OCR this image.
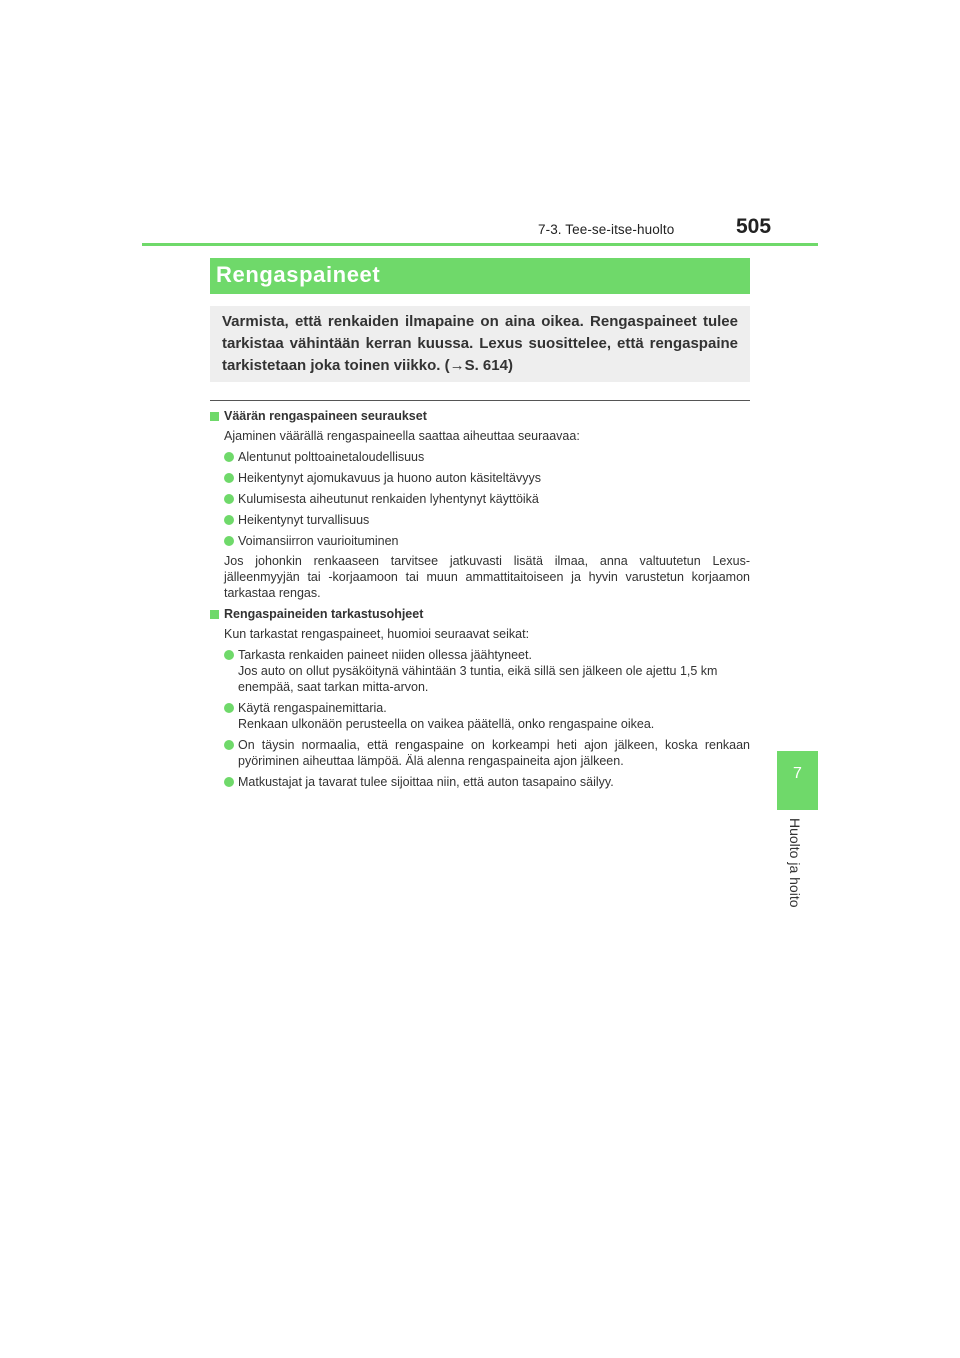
7-3. Tee-se-itse-huolto	505
7
Huolto ja hoito
Rengaspaineet
Varmista, että renkaiden ilmapaine on aina oikea. Rengaspaineet tulee tarkistaa vähintään kerran kuussa. Lexus suosittelee, että rengaspaine tarkistetaan joka toinen viikko. (→S. 614)
Väärän rengaspaineen seuraukset
Ajaminen väärällä rengaspaineella saattaa aiheuttaa seuraavaa:
Alentunut polttoainetaloudellisuus
Heikentynyt ajomukavuus ja huono auton käsiteltävyys
Kulumisesta aiheutunut renkaiden lyhentynyt käyttöikä
Heikentynyt turvallisuus
Voimansiirron vaurioituminen
Jos johonkin renkaaseen tarvitsee jatkuvasti lisätä ilmaa, anna valtuutetun Lexus-jälleenmyyjän tai -korjaamoon tai muun ammattitaitoiseen ja hyvin varustetun korjaamon tarkastaa rengas.
Rengaspaineiden tarkastusohjeet
Kun tarkastat rengaspaineet, huomioi seuraavat seikat:
Tarkasta renkaiden paineet niiden ollessa jäähtyneet.
Jos auto on ollut pysäköitynä vähintään 3 tuntia, eikä sillä sen jälkeen ole ajettu 1,5 km enempää, saat tarkan mitta-arvon.
Käytä rengaspainemittaria.
Renkaan ulkonäön perusteella on vaikea päätellä, onko rengaspaine oikea.
On täysin normaalia, että rengaspaine on korkeampi heti ajon jälkeen, koska renkaan pyöriminen aiheuttaa lämpöä. Älä alenna rengaspaineita ajon jälkeen.
Matkustajat ja tavarat tulee sijoittaa niin, että auton tasapaino säilyy.
